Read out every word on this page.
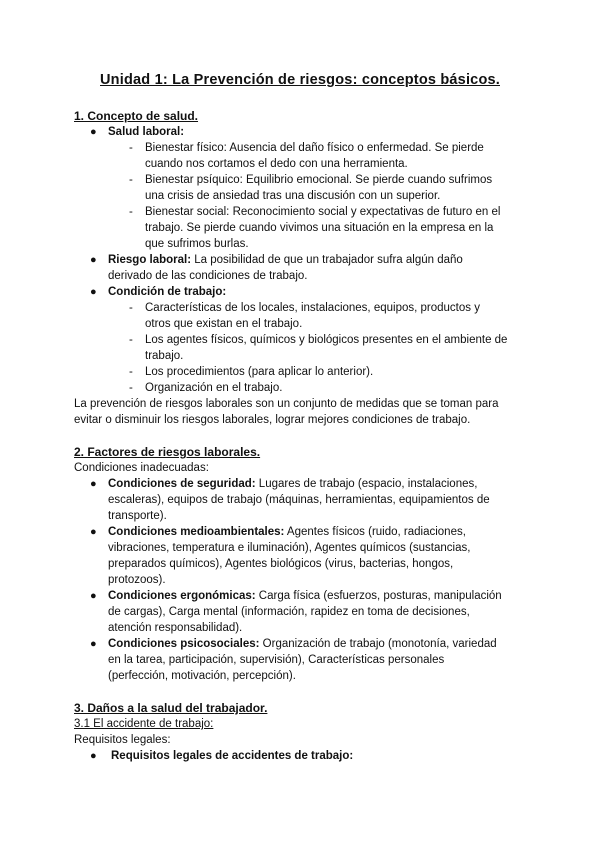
Unidad 1: La Prevención de riesgos: conceptos básicos.
1. Concepto de salud.
● Salud laboral:
- Bienestar físico: Ausencia del daño físico o enfermedad. Se pierde
cuando nos cortamos el dedo con una herramienta.
- Bienestar psíquico: Equilibrio emocional. Se pierde cuando sufrimos
una crisis de ansiedad tras una discusión con un superior.
- Bienestar social: Reconocimiento social y expectativas de futuro en el
trabajo. Se pierde cuando vivimos una situación en la empresa en la
que sufrimos burlas.
● Riesgo laboral: La posibilidad de que un trabajador sufra algún daño
derivado de las condiciones de trabajo.
● Condición de trabajo:
- Características de los locales, instalaciones, equipos, productos y
otros que existan en el trabajo.
- Los agentes físicos, químicos y biológicos presentes en el ambiente de
trabajo.
- Los procedimientos (para aplicar lo anterior).
- Organización en el trabajo.
La prevención de riesgos laborales son un conjunto de medidas que se toman para
evitar o disminuir los riesgos laborales, lograr mejores condiciones de trabajo.
2. Factores de riesgos laborales.
Condiciones inadecuadas:
● Condiciones de seguridad: Lugares de trabajo (espacio, instalaciones,
escaleras), equipos de trabajo (máquinas, herramientas, equipamientos de
transporte).
● Condiciones medioambientales: Agentes físicos (ruido, radiaciones,
vibraciones, temperatura e iluminación), Agentes químicos (sustancias,
preparados químicos), Agentes biológicos (virus, bacterias, hongos,
protozoos).
● Condiciones ergonómicas: Carga física (esfuerzos, posturas, manipulación
de cargas), Carga mental (información, rapidez en toma de decisiones,
atención responsabilidad).
● Condiciones psicosociales: Organización de trabajo (monotonía, variedad
en la tarea, participación, supervisión), Características personales
(perfección, motivación, percepción).
3. Daños a la salud del trabajador.
3.1 El accidente de trabajo:
Requisitos legales:
● Requisitos legales de accidentes de trabajo:
